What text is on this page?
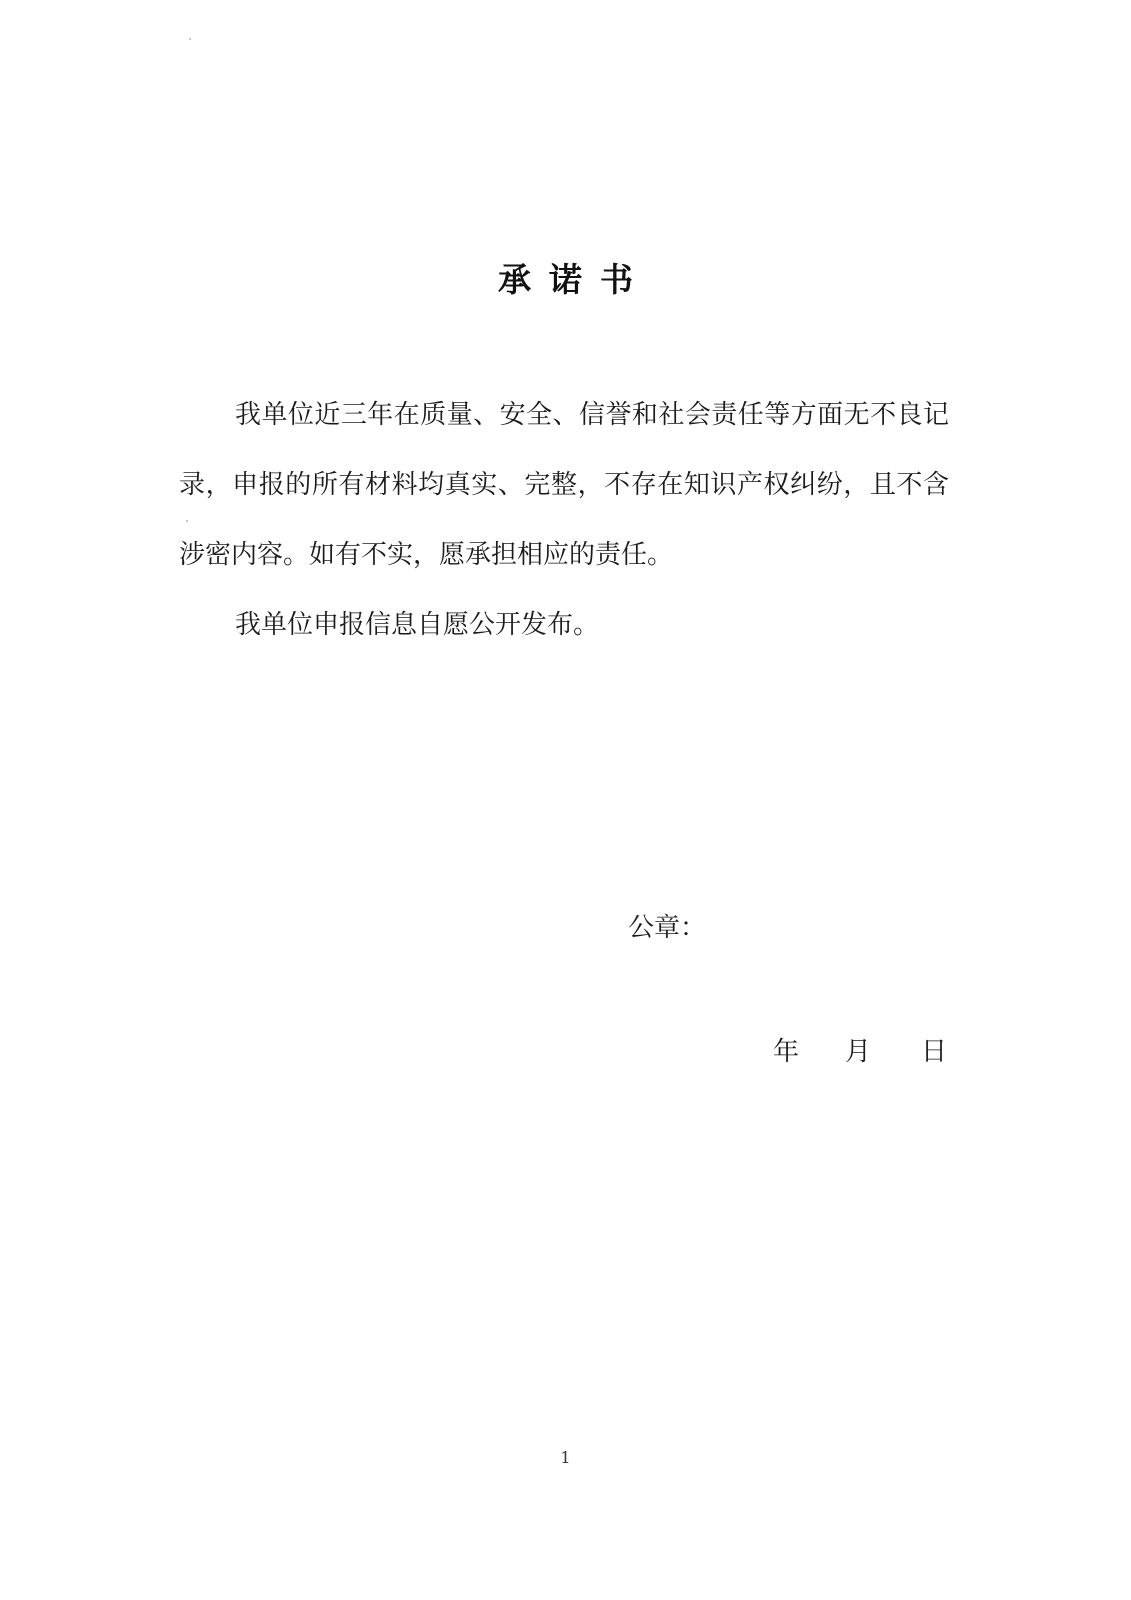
承诺书

我单位近三年在质量、安全、信誉和社会责任等方面无不良记录，申报的所有材料均真实、完整，不存在知识产权纠纷，且不含涉密内容。如有不实，愿承担相应的责任。

我单位申报信息自愿公开发布。

公章：
年 月 日
1
